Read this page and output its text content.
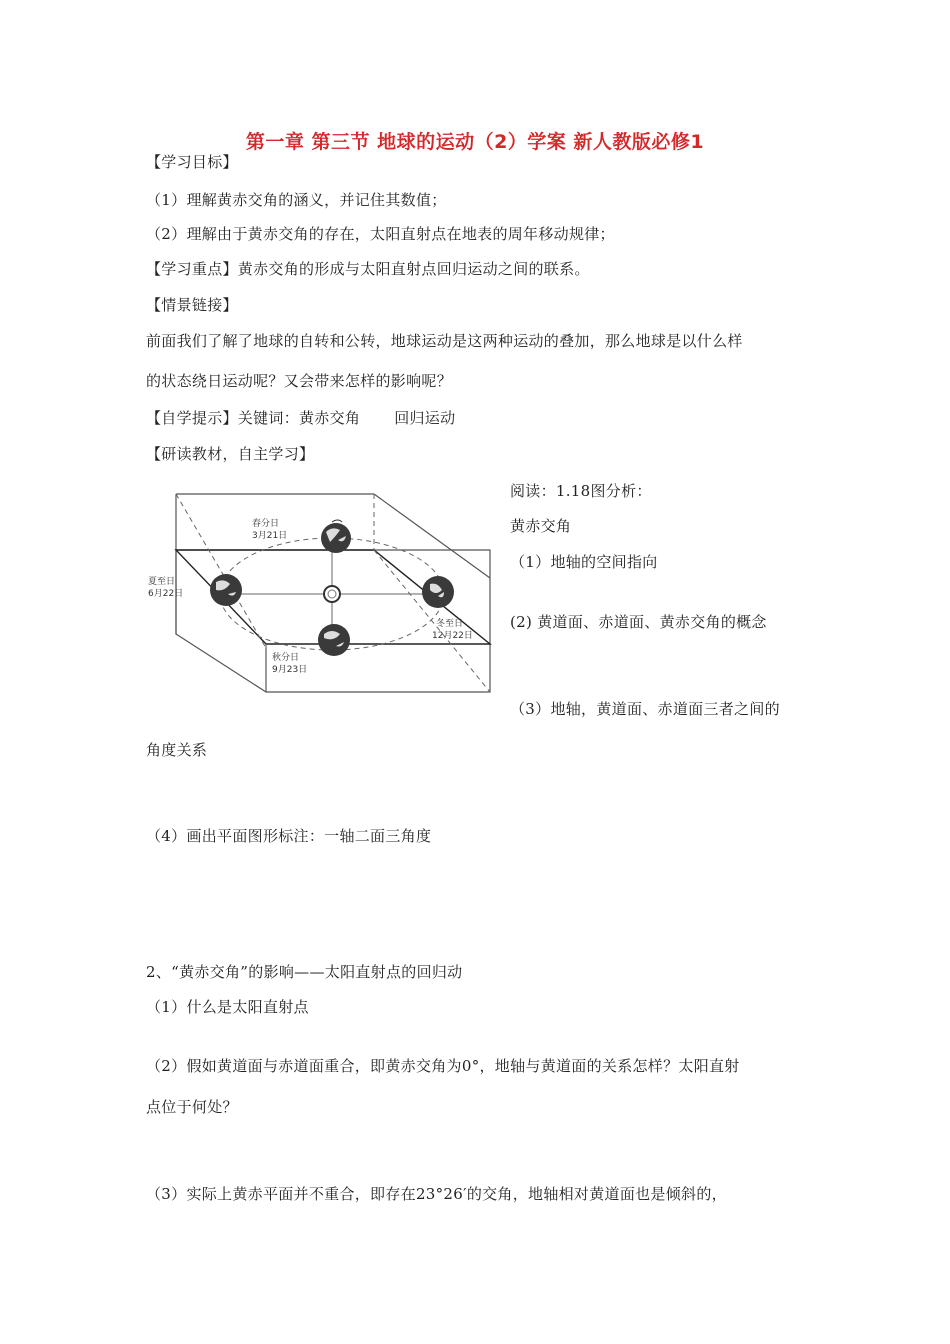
第一章 第三节 地球的运动（2）学案 新人教版必修1
【学习目标】
（1）理解黄赤交角的涵义，并记住其数值；
（2）理解由于黄赤交角的存在，太阳直射点在地表的周年移动规律；
【学习重点】黄赤交角的形成与太阳直射点回归运动之间的联系。
【情景链接】
前面我们了解了地球的自转和公转，地球运动是这两种运动的叠加，那么地球是以什么样
的状态绕日运动呢？又会带来怎样的影响呢？
【自学提示】关键词：黄赤交角 回归运动
【研读教材，自主学习】
春分日
3月21日
夏至日
6月22日
冬至日
12月22日
秋分日
9月23日
阅读：1.18图分析：
黄赤交角
（1）地轴的空间指向
(2) 黄道面、赤道面、黄赤交角的概念
（3）地轴，黄道面、赤道面三者之间的
角度关系
（4）画出平面图形标注：一轴二面三角度
2、“黄赤交角”的影响——太阳直射点的回归动
（1）什么是太阳直射点
（2）假如黄道面与赤道面重合，即黄赤交角为0°，地轴与黄道面的关系怎样？太阳直射
点位于何处？
（3）实际上黄赤平面并不重合，即存在23°26′的交角，地轴相对黄道面也是倾斜的，
